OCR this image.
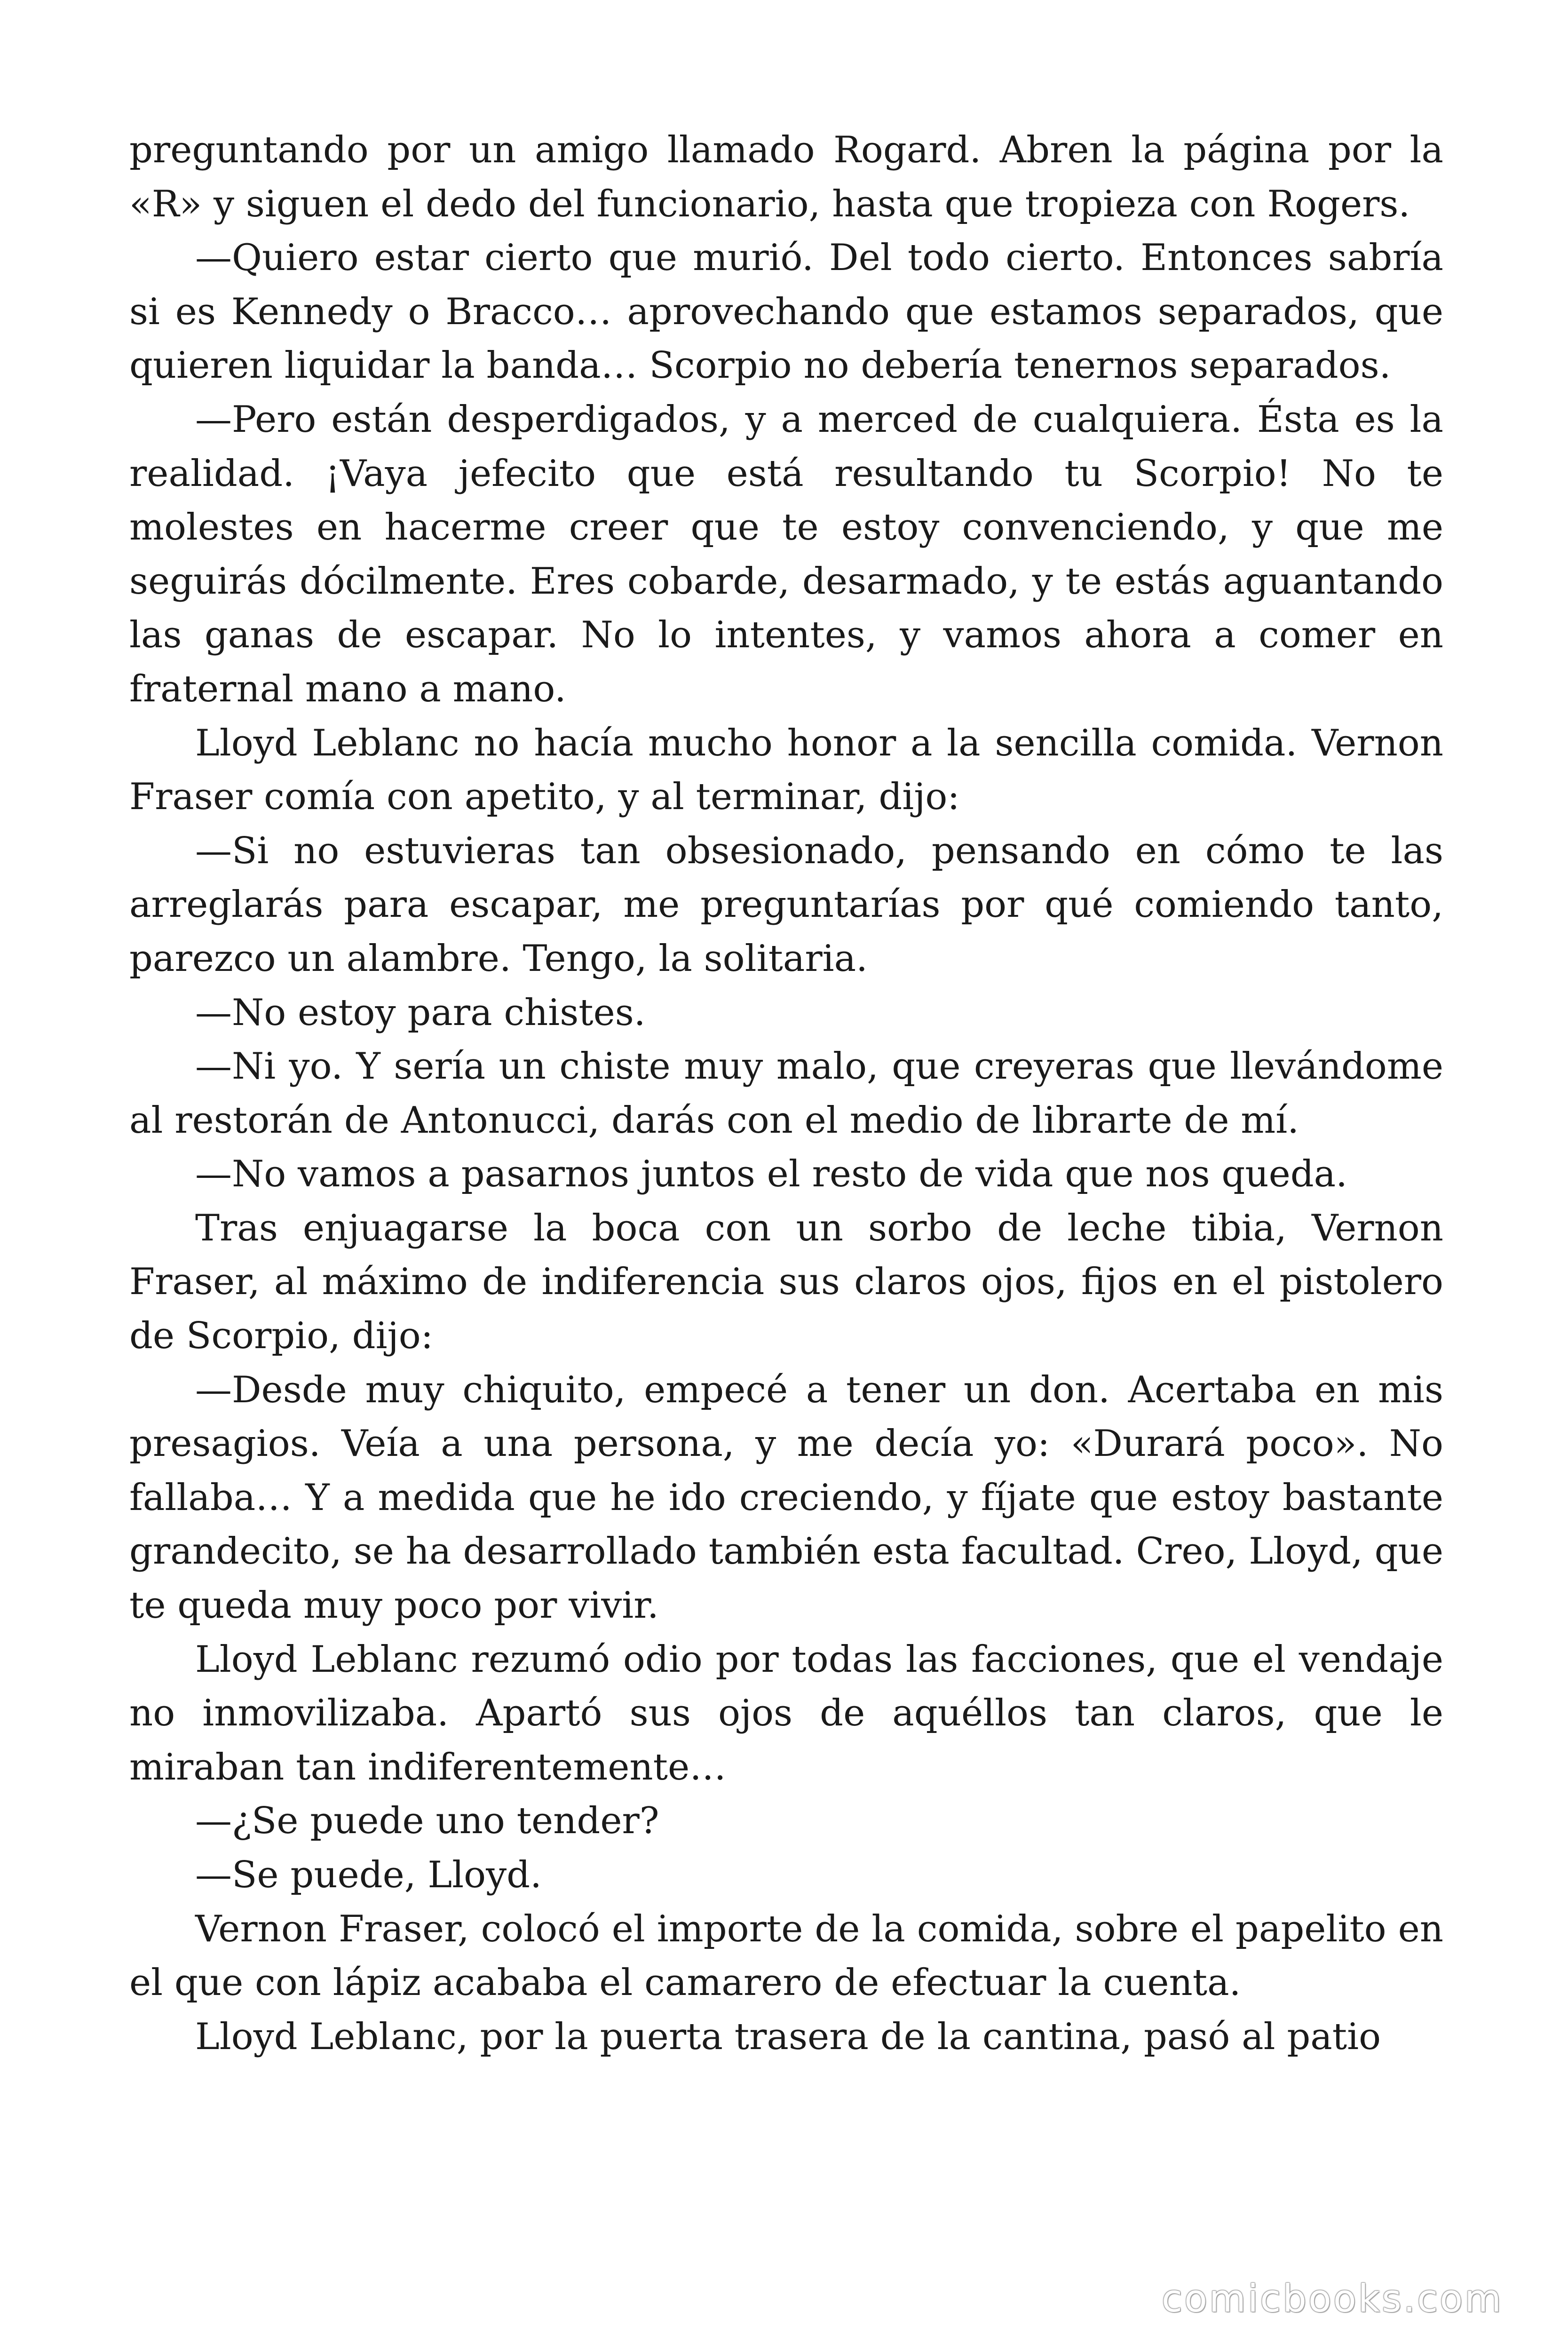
preguntando por un amigo llamado Rogard. Abren la página por la «R» y siguen el dedo del funcionario, hasta que tropieza con Rogers.

—Quiero estar cierto que murió. Del todo cierto. Entonces sabría si es Kennedy o Bracco… aprovechando que estamos separados, que quieren liquidar la banda… Scorpio no debería tenernos separados.

—Pero están desperdigados, y a merced de cualquiera. Ésta es la realidad. ¡Vaya jefecito que está resultando tu Scorpio! No te molestes en hacerme creer que te estoy convenciendo, y que me seguirás dócilmente. Eres cobarde, desarmado, y te estás aguantando las ganas de escapar. No lo intentes, y vamos ahora a comer en fraternal mano a mano.

Lloyd Leblanc no hacía mucho honor a la sencilla comida. Vernon Fraser comía con apetito, y al terminar, dijo:

—Si no estuvieras tan obsesionado, pensando en cómo te las arreglarás para escapar, me preguntarías por qué comiendo tanto, parezco un alambre. Tengo, la solitaria.

—No estoy para chistes.

—Ni yo. Y sería un chiste muy malo, que creyeras que llevándome al restorán de Antonucci, darás con el medio de librarte de mí.

—No vamos a pasarnos juntos el resto de vida que nos queda.

Tras enjuagarse la boca con un sorbo de leche tibia, Vernon Fraser, al máximo de indiferencia sus claros ojos, fijos en el pistolero de Scorpio, dijo:

—Desde muy chiquito, empecé a tener un don. Acertaba en mis presagios. Veía a una persona, y me decía yo: «Durará poco». No fallaba… Y a medida que he ido creciendo, y fíjate que estoy bastante grandecito, se ha desarrollado también esta facultad. Creo, Lloyd, que te queda muy poco por vivir.

Lloyd Leblanc rezumó odio por todas las facciones, que el vendaje no inmovilizaba. Apartó sus ojos de aquéllos tan claros, que le miraban tan indiferentemente…

—¿Se puede uno tender?

—Se puede, Lloyd.

Vernon Fraser, colocó el importe de la comida, sobre el papelito en el que con lápiz acababa el camarero de efectuar la cuenta.

Lloyd Leblanc, por la puerta trasera de la cantina, pasó al patio

comicbooks.com
